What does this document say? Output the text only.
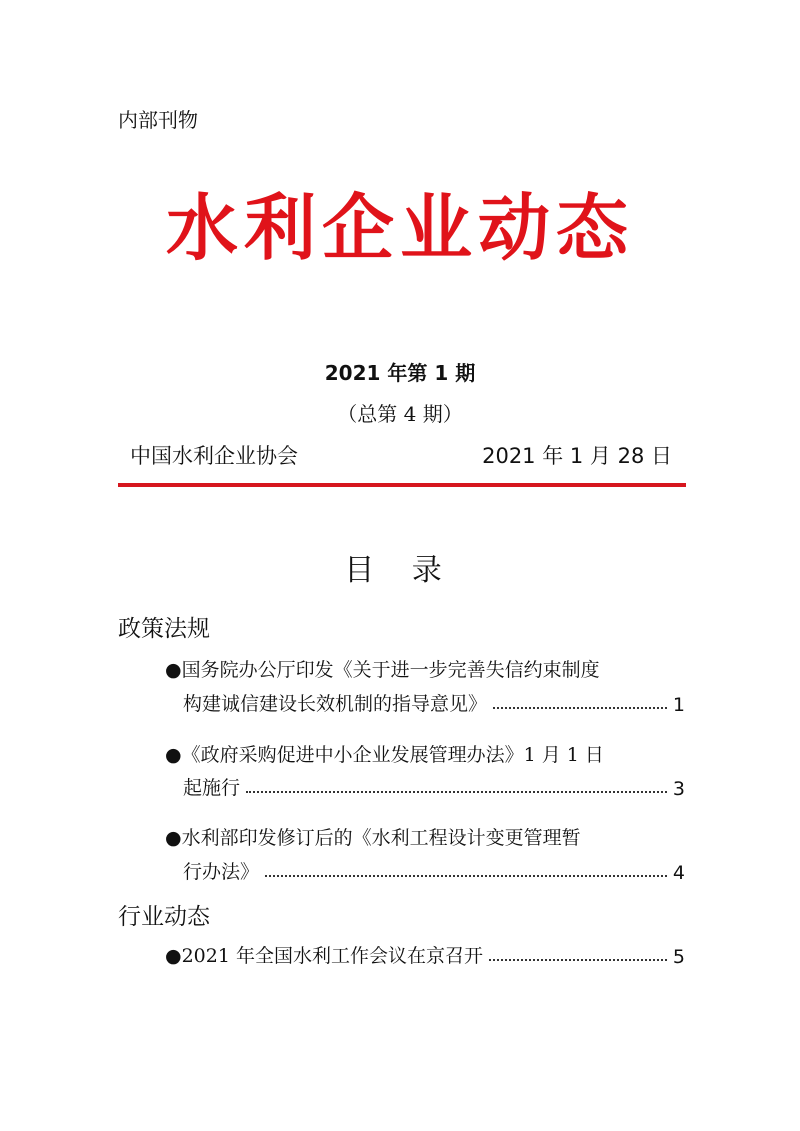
内部刊物
水利企业动态
2021 年第 1 期
（总第 4 期）
中国水利企业协会	2021 年 1 月 28 日
目 录
政策法规
●国务院办公厅印发《关于进一步完善失信约束制度
构建诚信建设长效机制的指导意见》	1
●《政府采购促进中小企业发展管理办法》1 月 1 日
起施行	3
●水利部印发修订后的《水利工程设计变更管理暂
行办法》	4
行业动态
●2021 年全国水利工作会议在京召开	5
